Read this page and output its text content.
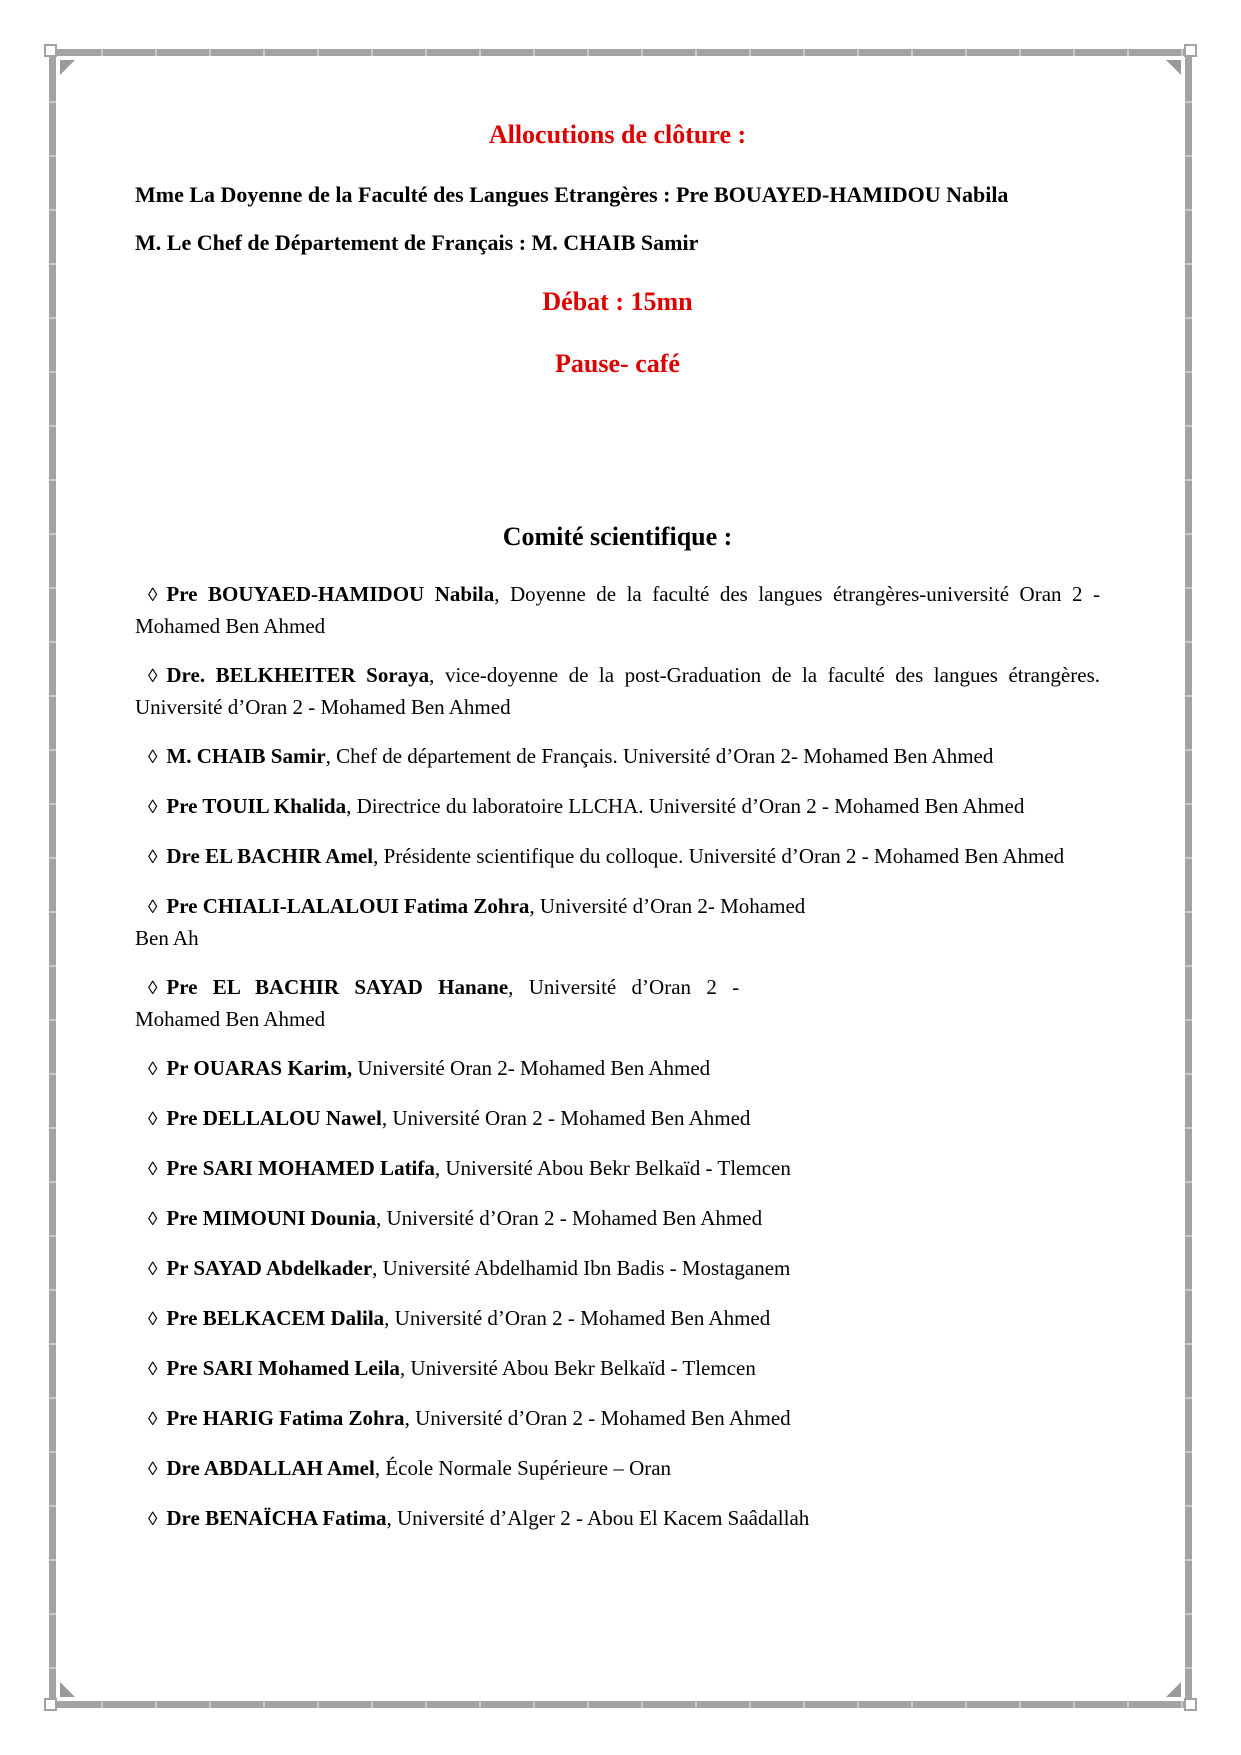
Allocutions de clôture :

Mme La Doyenne de la Faculté des Langues Etrangères : Pre BOUAYED-HAMIDOU Nabila

M. Le Chef de Département de Français : M. CHAIB Samir

Débat : 15mn

Pause- café

Comité scientifique :

◊ Pre BOUYAED-HAMIDOU Nabila, Doyenne de la faculté des langues étrangères-université Oran 2 - Mohamed Ben Ahmed
◊ Dre. BELKHEITER Soraya, vice-doyenne de la post-Graduation de la faculté des langues étrangères. Université d’Oran 2 - Mohamed Ben Ahmed
◊ M. CHAIB Samir, Chef de département de Français. Université d’Oran 2- Mohamed Ben Ahmed
◊ Pre TOUIL Khalida, Directrice du laboratoire LLCHA. Université d’Oran 2 - Mohamed Ben Ahmed
◊ Dre EL BACHIR Amel, Présidente scientifique du colloque. Université d’Oran 2 - Mohamed Ben Ahmed
◊ Pre CHIALI-LALALOUI Fatima Zohra, Université d’Oran 2- Mohamed
Ben Ah
◊ Pre EL BACHIR SAYAD Hanane, Université d’Oran 2 -
Mohamed Ben Ahmed
◊ Pr OUARAS Karim, Université Oran 2- Mohamed Ben Ahmed
◊ Pre DELLALOU Nawel, Université Oran 2 - Mohamed Ben Ahmed
◊ Pre SARI MOHAMED Latifa, Université Abou Bekr Belkaïd - Tlemcen
◊ Pre MIMOUNI Dounia, Université d’Oran 2 - Mohamed Ben Ahmed
◊ Pr SAYAD Abdelkader, Université Abdelhamid Ibn Badis - Mostaganem
◊ Pre BELKACEM Dalila, Université d’Oran 2 - Mohamed Ben Ahmed
◊ Pre SARI Mohamed Leila, Université Abou Bekr Belkaïd - Tlemcen
◊ Pre HARIG Fatima Zohra, Université d’Oran 2 - Mohamed Ben Ahmed
◊ Dre ABDALLAH Amel, École Normale Supérieure – Oran
◊ Dre BENAÏCHA Fatima, Université d’Alger 2 - Abou El Kacem Saâdallah
